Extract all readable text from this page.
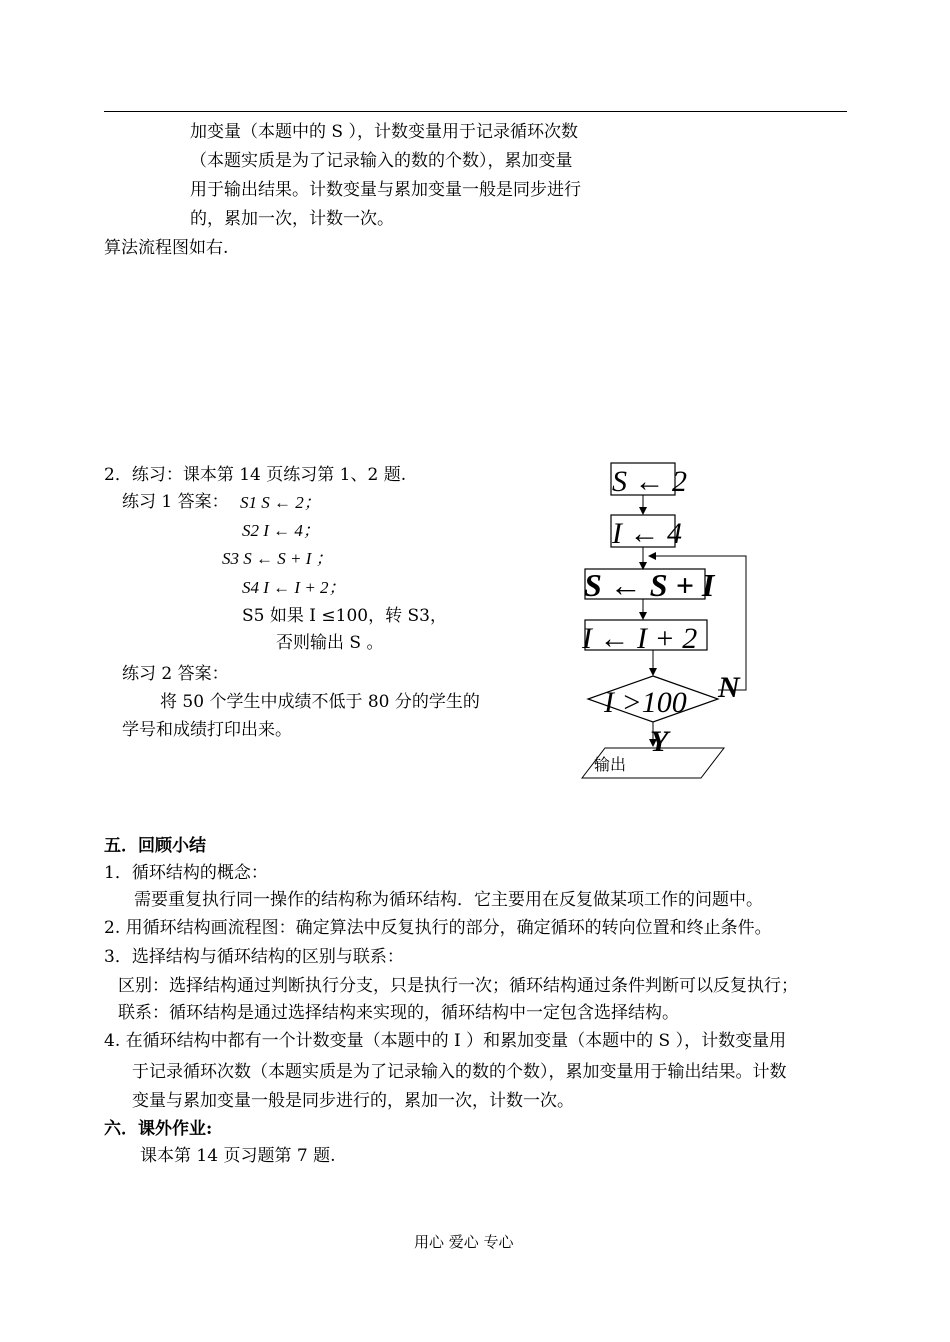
加变量（本题中的 S ），计数变量用于记录循环次数
（本题实质是为了记录输入的数的个数），累加变量
用于输出结果。计数变量与累加变量一般是同步进行
的，累加一次，计数一次。
算法流程图如右.
2．练习：课本第 14 页练习第 1、2 题.
练习 1 答案： S1 S ← 2；
S2 I ← 4；
S3 S ← S + I ；
S4 I ← I + 2；
S5 如果 I ≤100，转 S3，
否则输出 S 。
练习 2 答案：
将 50 个学生中成绩不低于 80 分的学生的
学号和成绩打印出来。
S ← 2
I ← 4
S ← S + I
I ← I + 2
I >100 N
Y
输出
五．回顾小结
1．循环结构的概念：
需要重复执行同一操作的结构称为循环结构．它主要用在反复做某项工作的问题中。
2. 用循环结构画流程图：确定算法中反复执行的部分，确定循环的转向位置和终止条件。
3．选择结构与循环结构的区别与联系：
区别：选择结构通过判断执行分支，只是执行一次；循环结构通过条件判断可以反复执行；
联系：循环结构是通过选择结构来实现的，循环结构中一定包含选择结构。
4. 在循环结构中都有一个计数变量（本题中的 I ）和累加变量（本题中的 S ），计数变量用
于记录循环次数（本题实质是为了记录输入的数的个数），累加变量用于输出结果。计数
变量与累加变量一般是同步进行的，累加一次，计数一次。
六．课外作业:
课本第 14 页习题第 7 题.
用心 爱心 专心
